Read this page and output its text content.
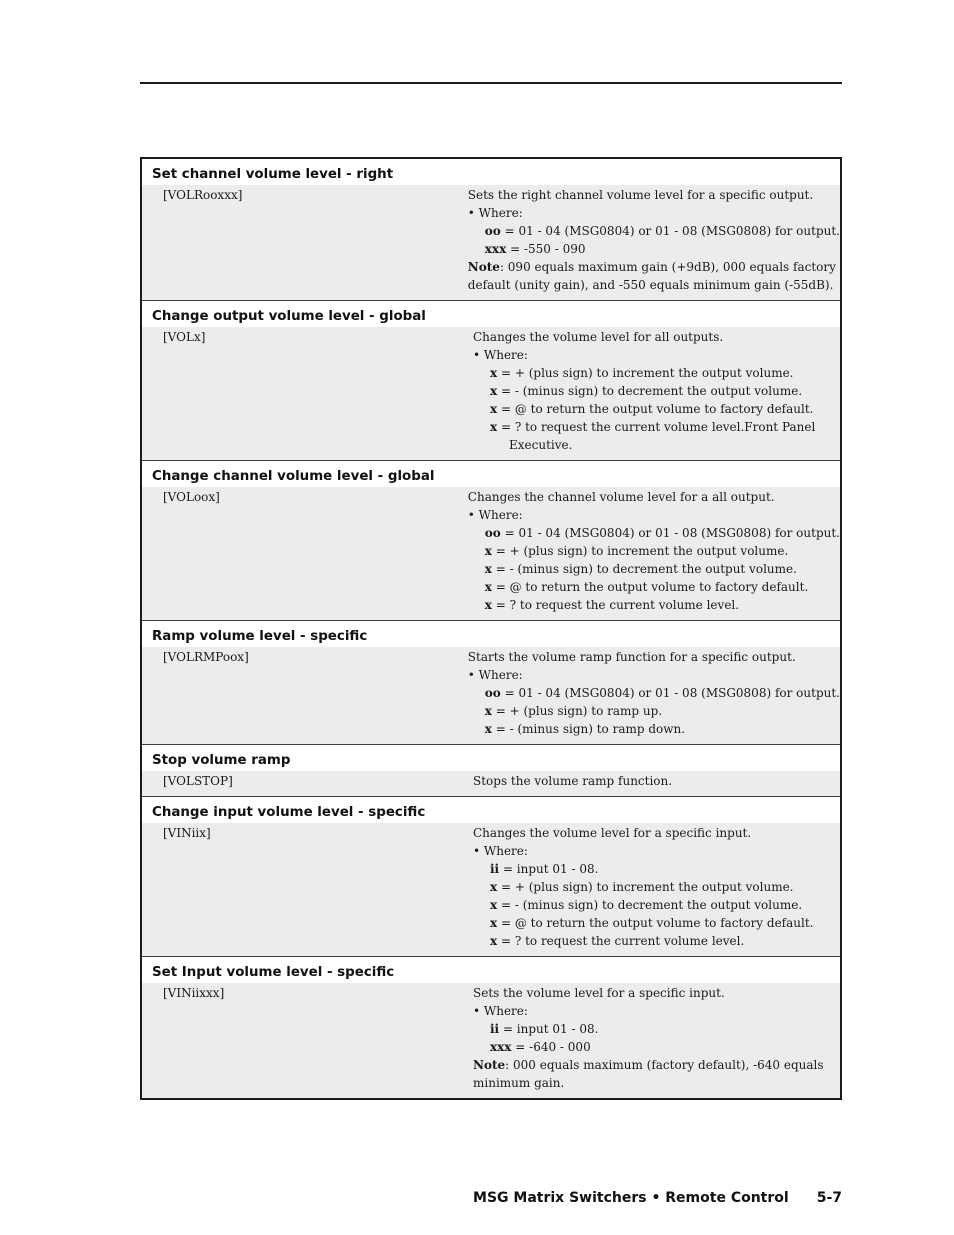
Set channel volume level - right
[VOLRooxxx]	Sets the right channel volume level for a specific output.
• Where:
oo = 01 - 04 (MSG0804) or 01 - 08 (MSG0808) for output.
xxx = -550 - 090
Note: 090 equals maximum gain (+9dB), 000 equals factory
default (unity gain), and -550 equals minimum gain (-55dB).
Change output volume level - global
[VOLx]	Changes the volume level for all outputs.
• Where:
x = + (plus sign) to increment the output volume.
x = - (minus sign) to decrement the output volume.
x = @ to return the output volume to factory default.
x = ? to request the current volume level.Front Panel
Executive.
Change channel volume level - global
[VOLoox]	Changes the channel volume level for a all output.
• Where:
oo = 01 - 04 (MSG0804) or 01 - 08 (MSG0808) for output.
x = + (plus sign) to increment the output volume.
x = - (minus sign) to decrement the output volume.
x = @ to return the output volume to factory default.
x = ? to request the current volume level.
Ramp volume level - specific
[VOLRMPoox]	Starts the volume ramp function for a specific output.
• Where:
oo = 01 - 04 (MSG0804) or 01 - 08 (MSG0808) for output.
x = + (plus sign) to ramp up.
x = - (minus sign) to ramp down.
Stop volume ramp
[VOLSTOP]	Stops the volume ramp function.
Change input volume level - specific
[VINiix]	Changes the volume level for a specific input.
• Where:
ii = input 01 - 08.
x = + (plus sign) to increment the output volume.
x = - (minus sign) to decrement the output volume.
x = @ to return the output volume to factory default.
x = ? to request the current volume level.
Set Input volume level - specific
[VINiixxx]	Sets the volume level for a specific input.
• Where:
ii = input 01 - 08.
xxx = -640 - 000
Note: 000 equals maximum (factory default), -640 equals
minimum gain.
MSG Matrix Switchers • Remote Control 5-7
